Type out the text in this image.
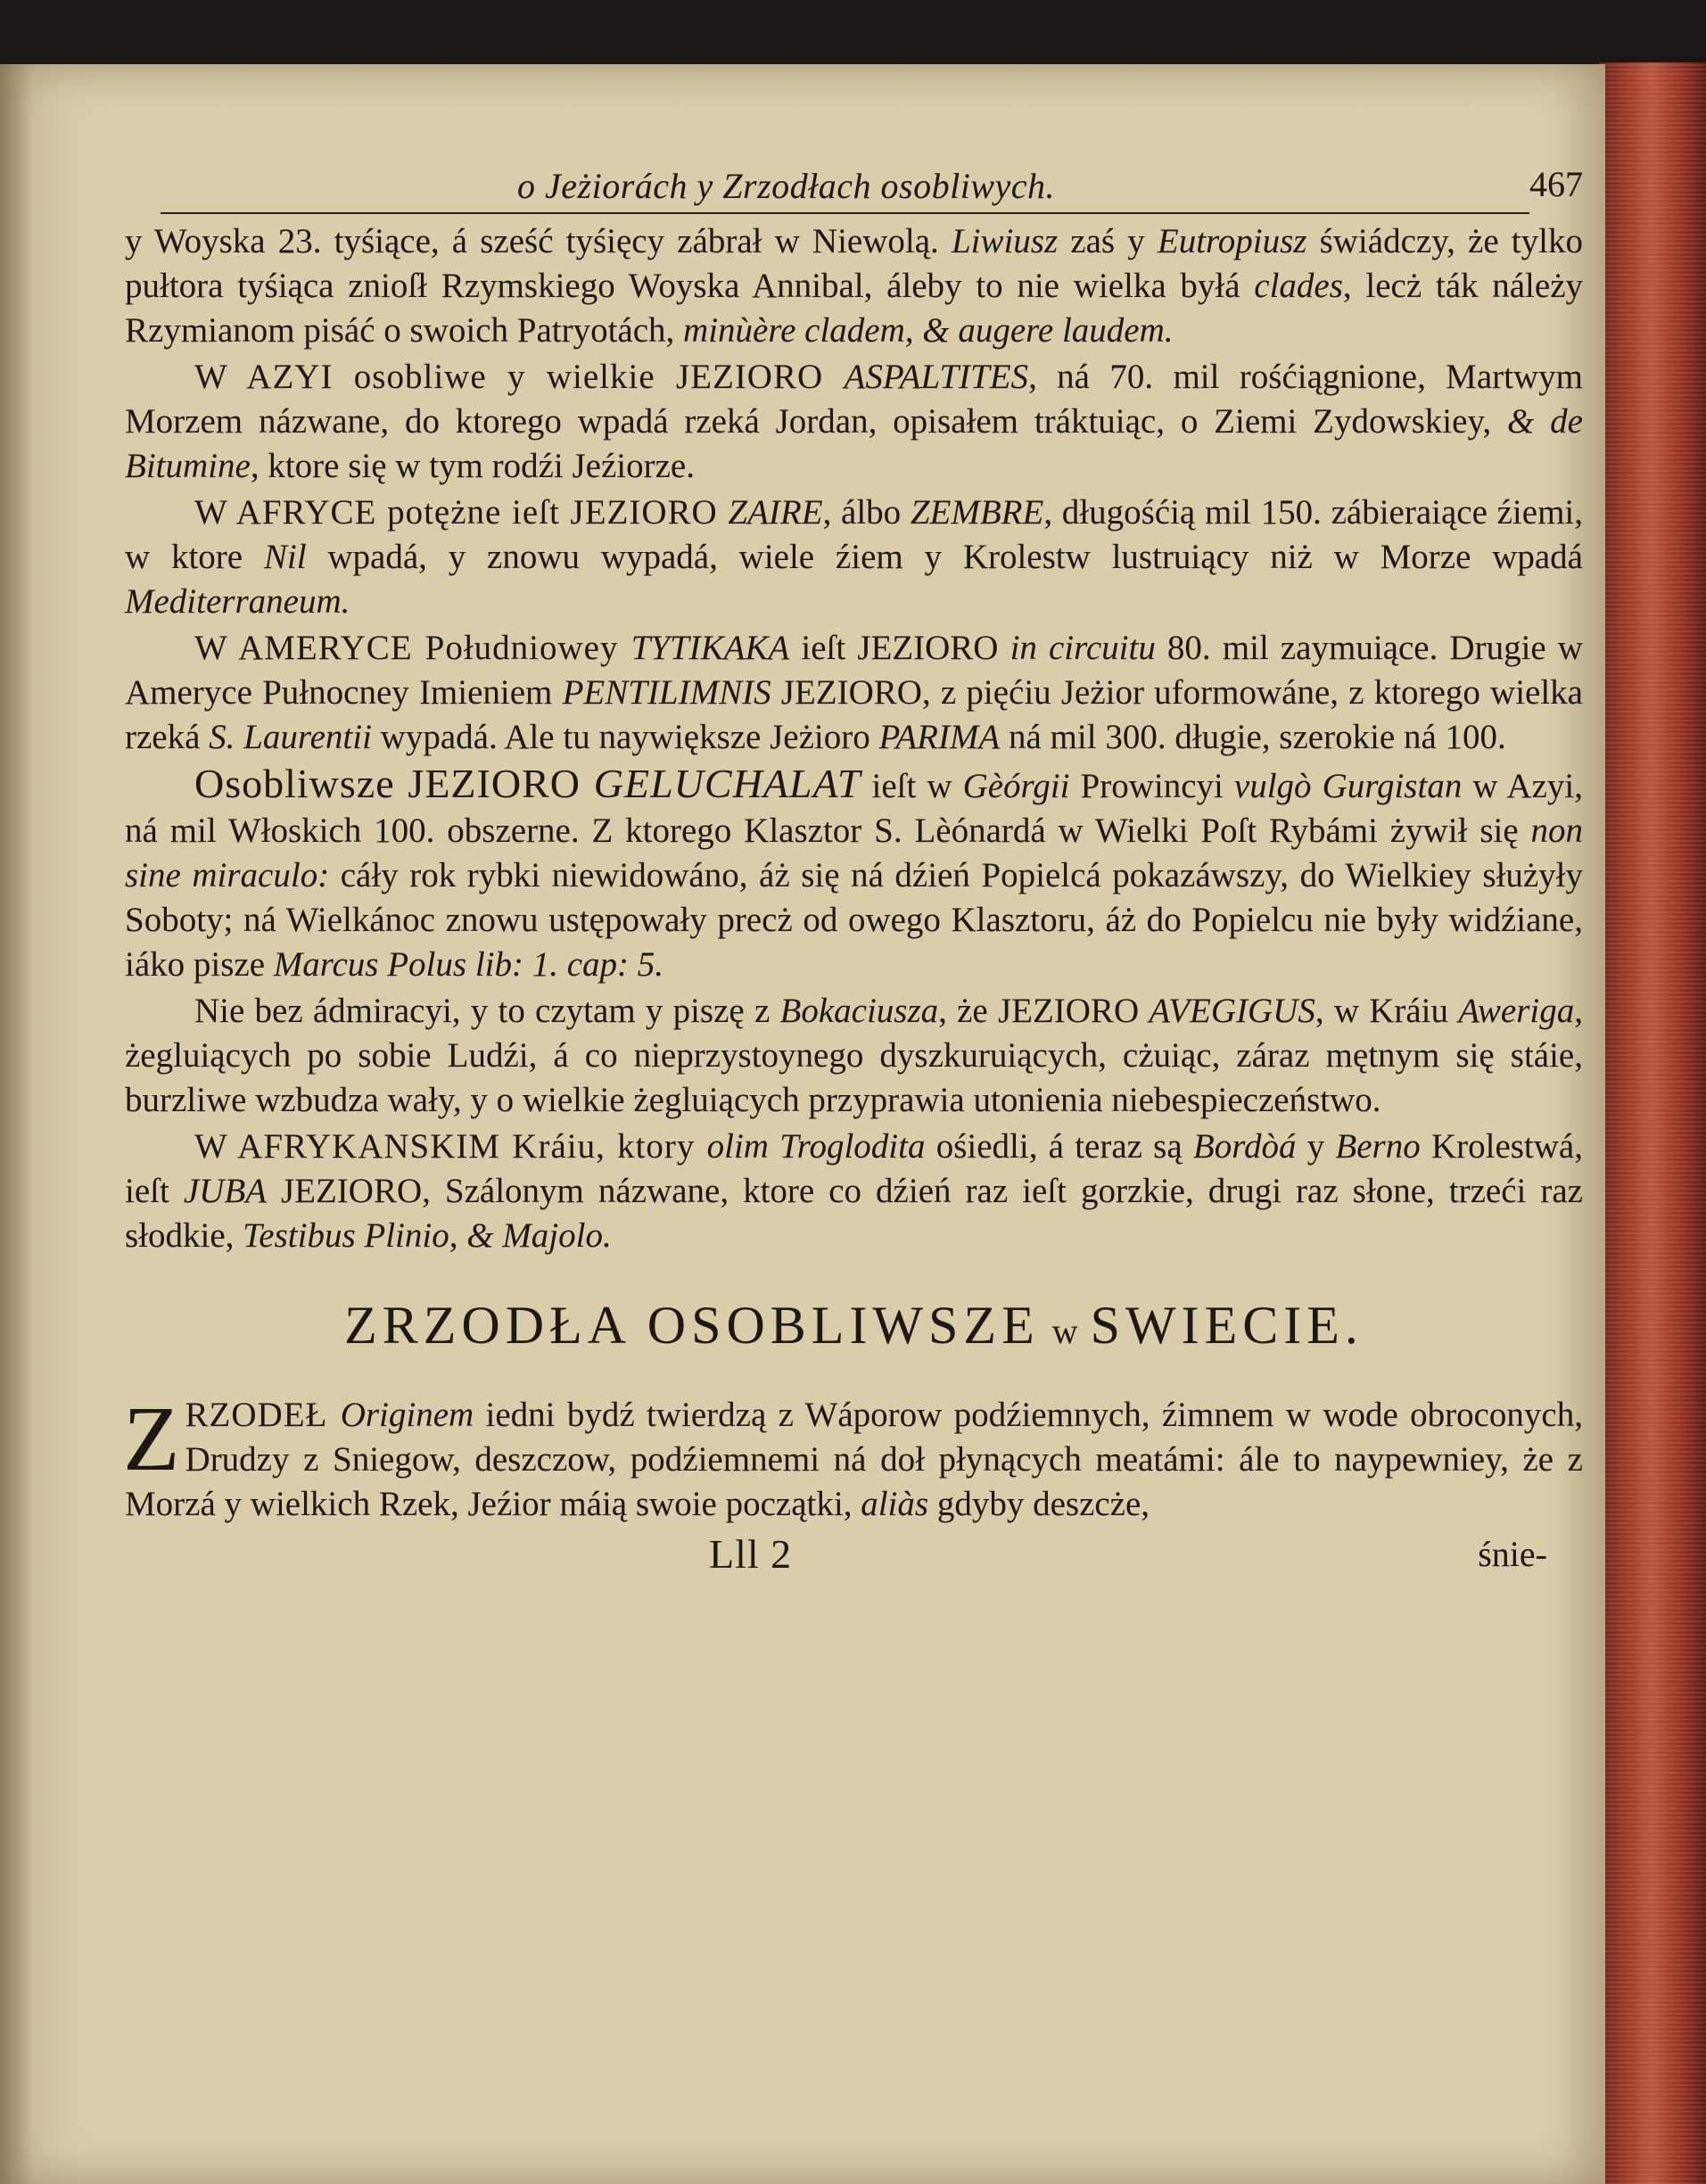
o Jeżiorách y Zrzodłach osobliwych.	467

y Woyska 23. tyśiące, á sześć tyśięcy zábrał w Niewolą. Liwiusz zaś y Eutropiusz świádczy, że tylko pułtora tyśiąca znioſł Rzymskiego Woyska Annibal, áleby to nie wielka byłá clades, lecż ták náleży Rzymianom pisáć o swoich Patryotách, minùère cladem, & augere laudem.

W AZYI osobliwe y wielkie JEZIORO ASPALTITES, ná 70. mil rośćiągnione, Martwym Morzem názwane, do ktorego wpadá rzeká Jordan, opisałem tráktuiąc, o Ziemi Zydowskiey, & de Bitumine, ktore się w tym rodźi Jeźiorze.

W AFRYCE potężne ieſt JEZIORO ZAIRE, álbo ZEMBRE, długośćią mil 150. zábieraiące źiemi, w ktore Nil wpadá, y znowu wypadá, wiele źiem y Krolestw lustruiący niż w Morze wpadá Mediterraneum.

W AMERYCE Południowey TYTIKAKA ieſt JEZIORO in circuitu 80. mil zaymuiące. Drugie w Ameryce Pułnocney Imieniem PENTILIMNIS JEZIORO, z pięćiu Jeżior uformowáne, z ktorego wielka rzeká S. Laurentii wypadá. Ale tu naywiększe Jeżioro PARIMA ná mil 300. długie, szerokie ná 100.

Osobliwsze JEZIORO GELUCHALAT ieſt w Gèórgii Prowincyi vulgò Gurgistan w Azyi, ná mil Włoskich 100. obszerne. Z ktorego Klasztor S. Lèónardá w Wielki Poſt Rybámi żywił się non sine miraculo: cáły rok rybki niewidowáno, áż się ná dźień Popielcá pokazáwszy, do Wielkiey służyły Soboty; ná Wielkánoc znowu ustępowały precż od owego Klasztoru, áż do Popielcu nie były widźiane, iáko pisze Marcus Polus lib: 1. cap: 5.

Nie bez ádmiracyi, y to czytam y piszę z Bokaciusza, że JEZIORO AVEGIGUS, w Kráiu Aweriga, żegluiących po sobie Ludźi, á co nieprzystoynego dyszkuruiących, cżuiąc, záraz mętnym się stáie, burzliwe wzbudza wały, y o wielkie żegluiących przyprawia utonienia niebespieczeństwo.

W AFRYKANSKIM Kráiu, ktory olim Troglodita ośiedli, á teraz są Bordòá y Berno Krolestwá, ieſt JUBA JEZIORO, Szálonym názwane, ktore co dźień raz ieſt gorzkie, drugi raz słone, trzeći raz słodkie, Testibus Plinio, & Majolo.

ZRZODŁA OSOBLIWSZE w SWIECIE.

ZRZODEŁ Originem iedni bydź twierdzą z Wáporow podźiemnych, źimnem w wode obroconych, Drudzy z Sniegow, deszczow, podźiemnemi ná doł płynących meatámi: ále to naypewniey, że z Morzá y wielkich Rzek, Jeźior máią swoie początki, aliàs gdyby deszcże,

Lll 2	śnie-
